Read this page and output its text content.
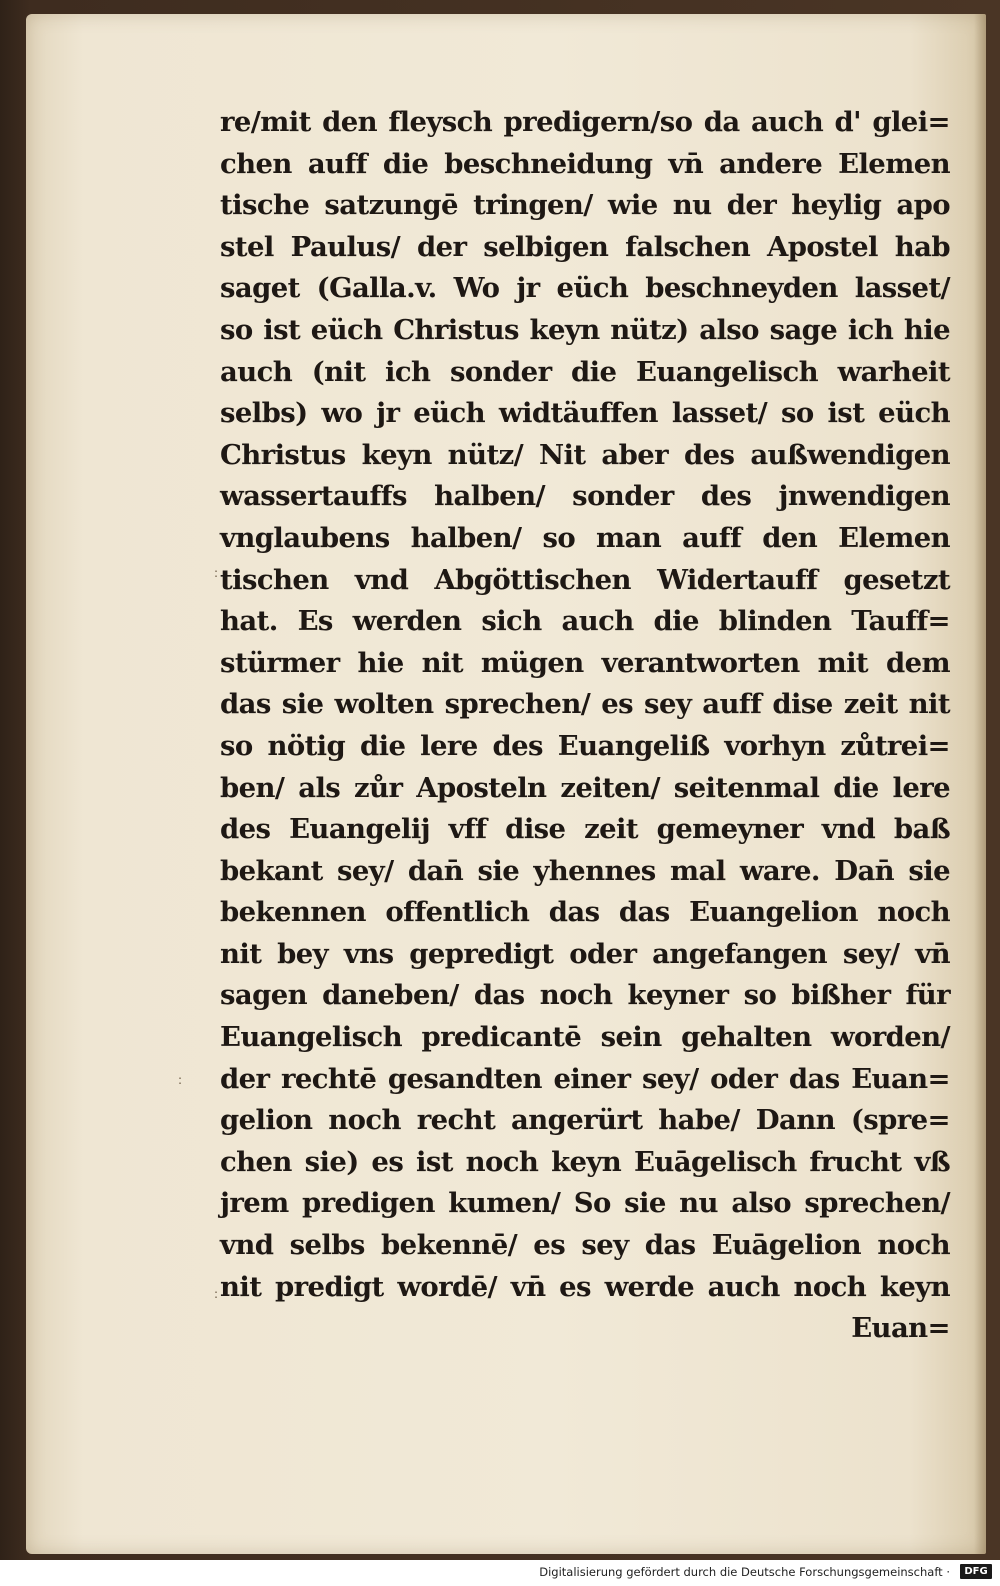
re/mit den fleysch predigern/so da auch d' glei=
chen auff die beschneidung vn̄ andere Elemen
tische satzungē tringen/ wie nu der heylig apo
stel Paulus/ der selbigen falschen Apostel hab
saget (Galla.v. Wo jr eüch beschneyden lasset/
so ist eüch Christus keyn nütz) also sage ich hie
auch (nit ich sonder die Euangelisch warheit
selbs) wo jr eüch widtäuffen lasset/ so ist eüch
Christus keyn nütz/ Nit aber des außwendigen
wassertauffs halben/ sonder des jnwendigen
vnglaubens halben/ so man auff den Elemen
tischen vnd Abgöttischen Widertauff gesetzt
hat. Es werden sich auch die blinden Tauff=
stürmer hie nit mügen verantworten mit dem
das sie wolten sprechen/ es sey auff dise zeit nit
so nötig die lere des Euangeliß vorhyn zůtrei=
ben/ als zůr Aposteln zeiten/ seitenmal die lere
des Euangelij vff dise zeit gemeyner vnd baß
bekant sey/ dan̄ sie yhennes mal ware. Dan̄ sie
bekennen offentlich das das Euangelion noch
nit bey vns gepredigt oder angefangen sey/ vn̄
sagen daneben/ das noch keyner so bißher für
Euangelisch predicantē sein gehalten worden/
der rechtē gesandten einer sey/ oder das Euan=
gelion noch recht angerürt habe/ Dann (spre=
chen sie) es ist noch keyn Euāgelisch frucht vß
jrem predigen kumen/ So sie nu also sprechen/
vnd selbs bekennē/ es sey das Euāgelion noch
nit predigt wordē/ vn̄ es werde auch noch keyn
Euan=
:
:
:
Digitalisierung gefördert durch die Deutsche Forschungsgemeinschaft ·	DFG
